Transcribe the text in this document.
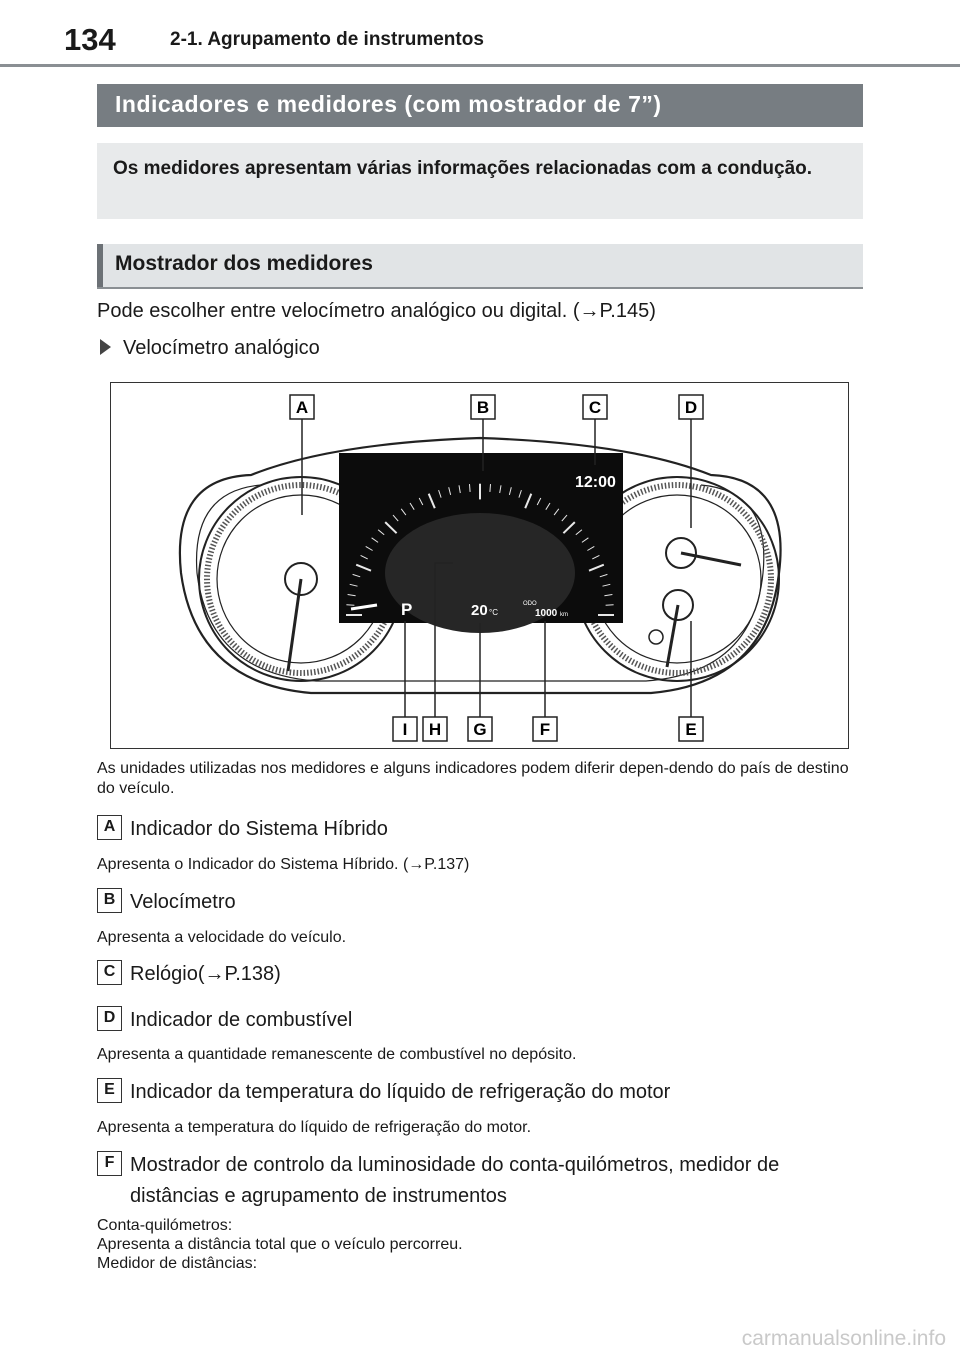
134	2-1. Agrupamento de instrumentos
Indicadores e medidores (com mostrador de 7”)
Os medidores apresentam várias informações relacionadas com a condução.
Mostrador dos medidores
Pode escolher entre velocímetro analógico ou digital. (→P.145)
Velocímetro analógico
12:00
P	20 °C
ODO
1000 km
A	B	C	D
I H G	F	E
As unidades utilizadas nos medidores e alguns indicadores podem diferir depen-dendo do país de destino do veículo.
A Indicador do Sistema Híbrido
Apresenta o Indicador do Sistema Híbrido. (→P.137)
B Velocímetro
Apresenta a velocidade do veículo.
C Relógio(→P.138)
D Indicador de combustível
Apresenta a quantidade remanescente de combustível no depósito.
E Indicador da temperatura do líquido de refrigeração do motor
Apresenta a temperatura do líquido de refrigeração do motor.
F Mostrador de controlo da luminosidade do conta-quilómetros, medidor de distâncias e agrupamento de instrumentos
Conta-quilómetros:
Apresenta a distância total que o veículo percorreu.
Medidor de distâncias:
carmanualsonline.info
